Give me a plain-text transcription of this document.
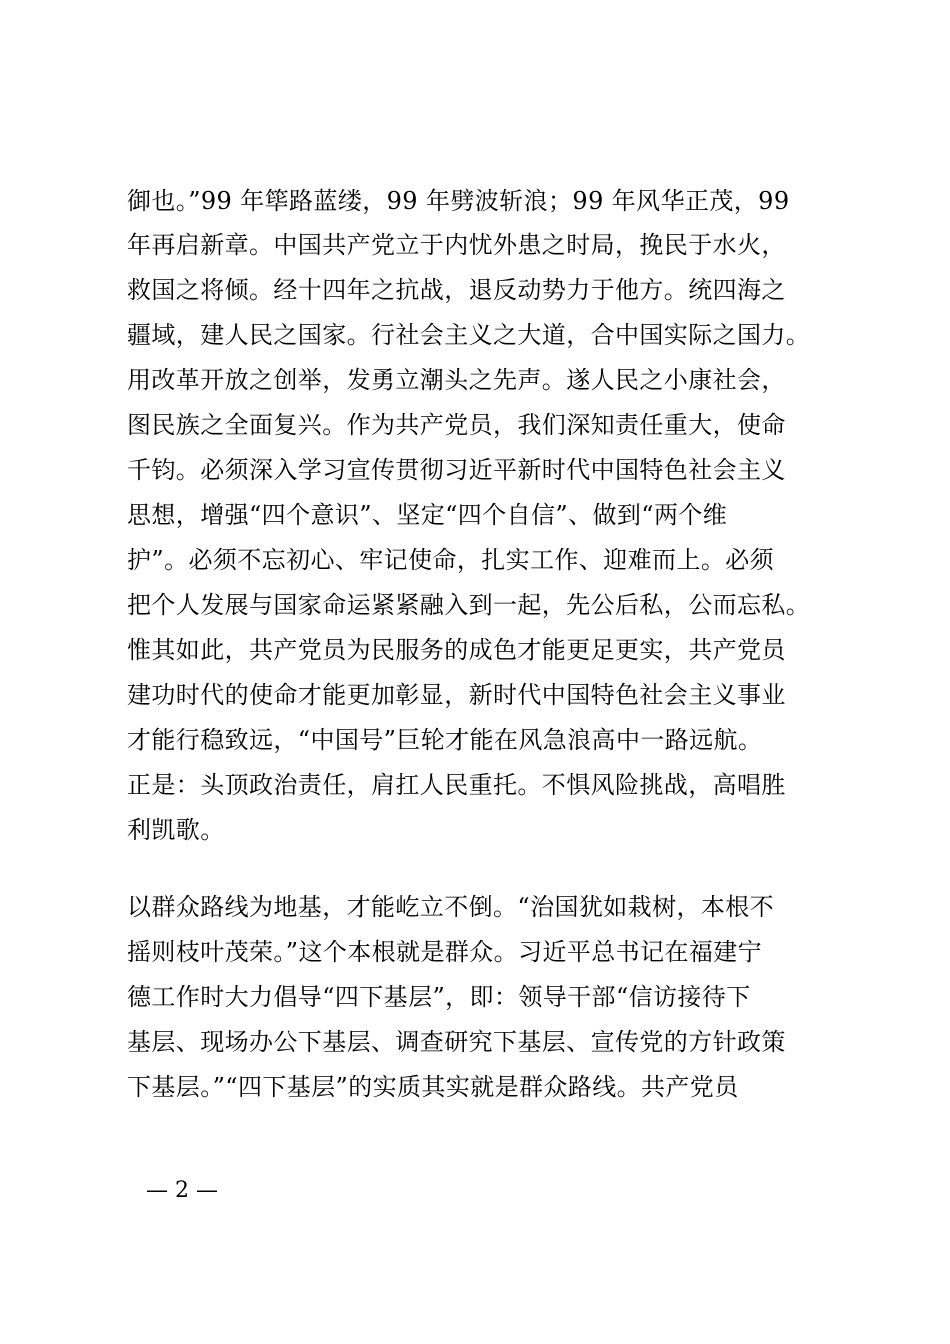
御也。”99 年筚路蓝缕，99 年劈波斩浪；99 年风华正茂，99
年再启新章。中国共产党立于内忧外患之时局，挽民于水火，
救国之将倾。经十四年之抗战，退反动势力于他方。统四海之
疆域，建人民之国家。行社会主义之大道，合中国实际之国力。
用改革开放之创举，发勇立潮头之先声。遂人民之小康社会，
图民族之全面复兴。作为共产党员，我们深知责任重大，使命
千钧。必须深入学习宣传贯彻习近平新时代中国特色社会主义
思想，增强“四个意识”、坚定“四个自信”、做到“两个维
护”。必须不忘初心、牢记使命，扎实工作、迎难而上。必须
把个人发展与国家命运紧紧融入到一起，先公后私，公而忘私。
惟其如此，共产党员为民服务的成色才能更足更实，共产党员
建功时代的使命才能更加彰显，新时代中国特色社会主义事业
才能行稳致远，“中国号”巨轮才能在风急浪高中一路远航。
正是：头顶政治责任，肩扛人民重托。不惧风险挑战，高唱胜
利凯歌。
以群众路线为地基，才能屹立不倒。“治国犹如栽树，本根不
摇则枝叶茂荣。”这个本根就是群众。习近平总书记在福建宁
德工作时大力倡导“四下基层”，即：领导干部“信访接待下
基层、现场办公下基层、调查研究下基层、宣传党的方针政策
下基层。”“四下基层”的实质其实就是群众路线。共产党员
— 2 —
